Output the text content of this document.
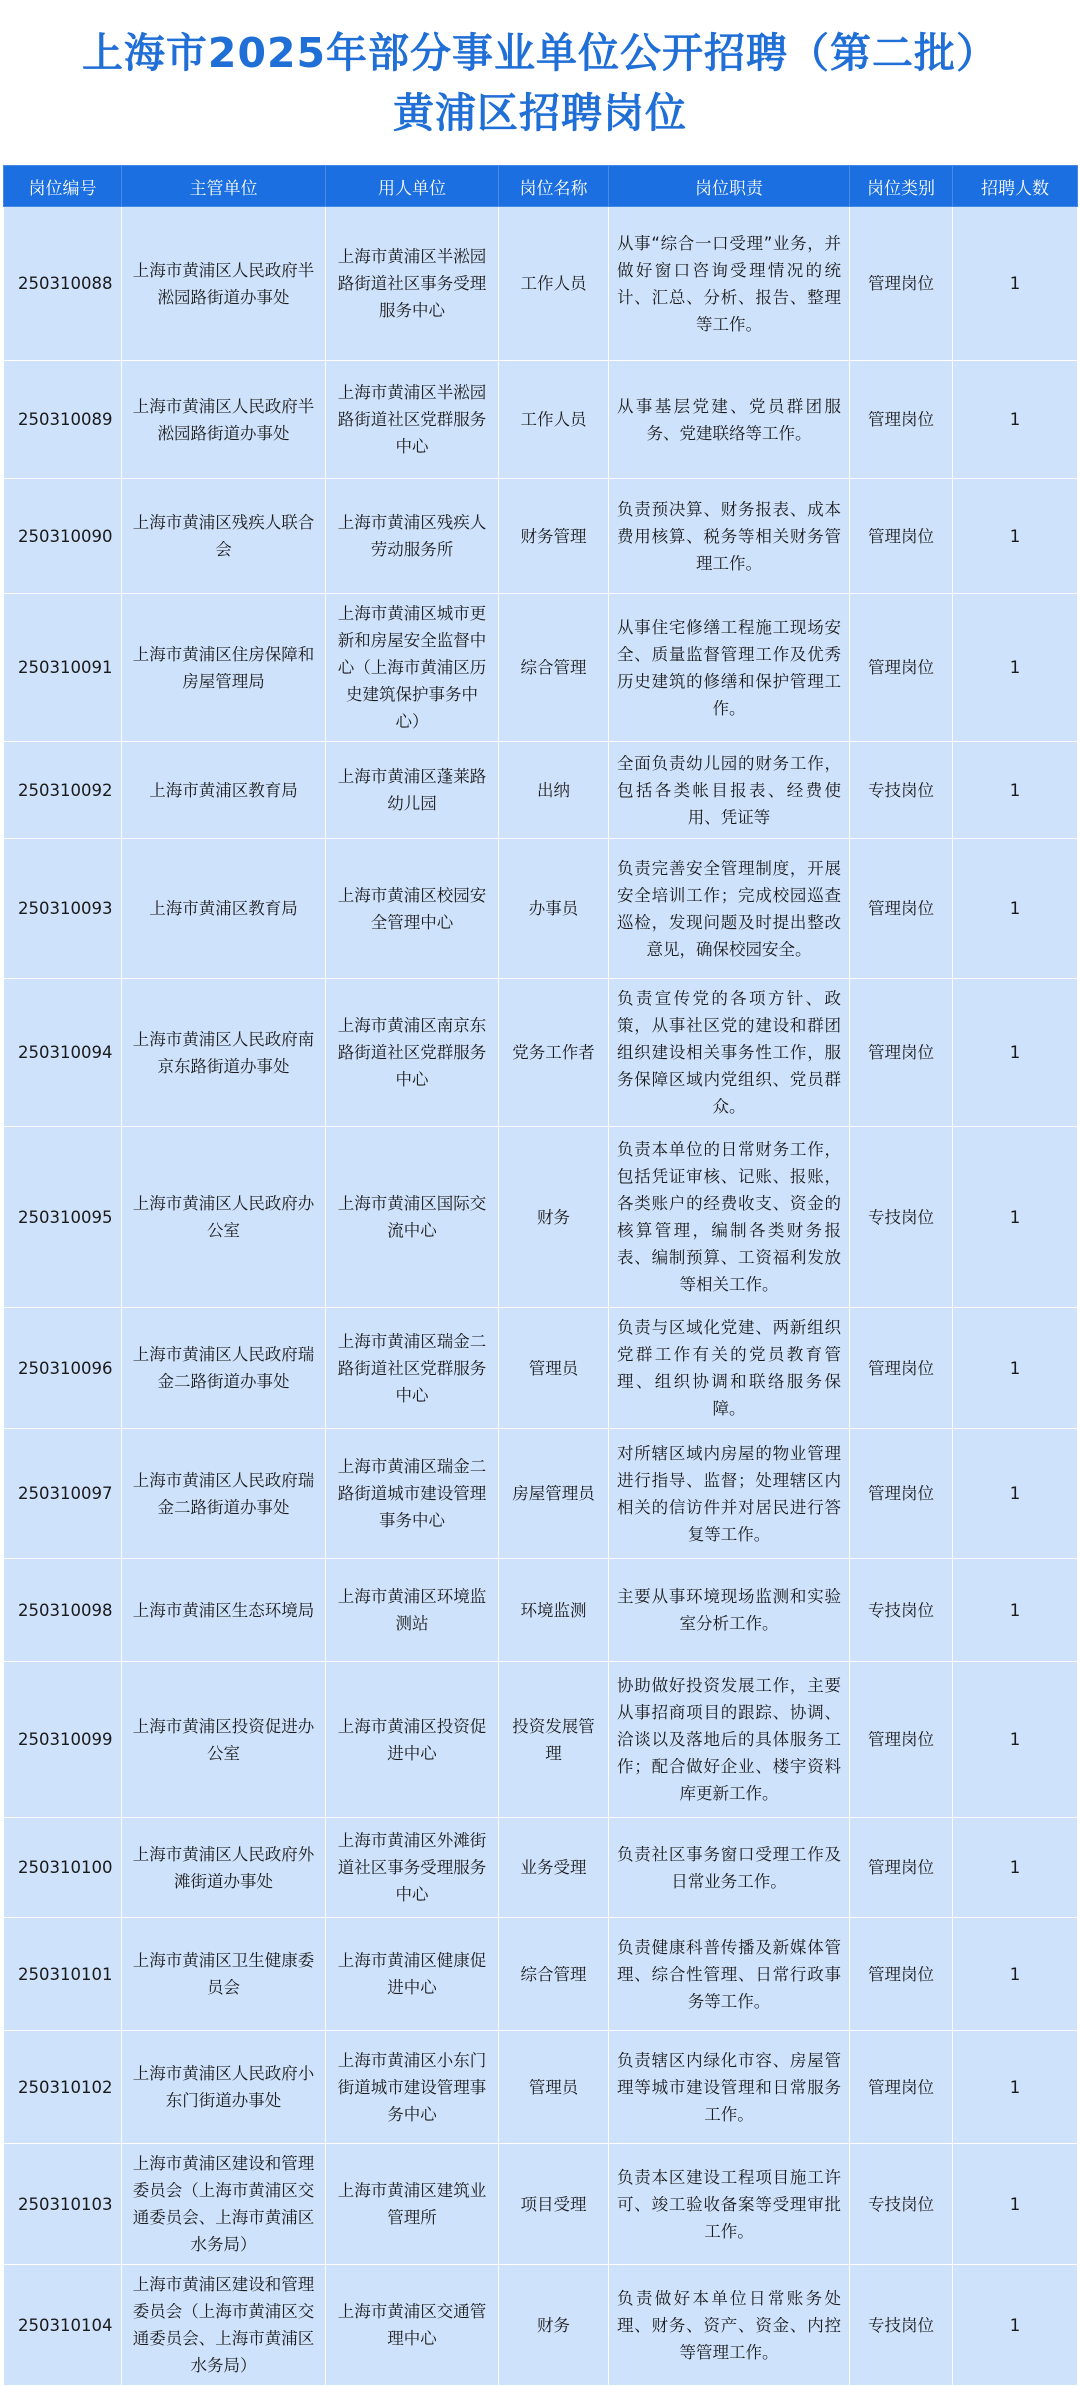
上海市2025年部分事业单位公开招聘（第二批）
黄浦区招聘岗位
岗位编号	主管单位	用人单位	岗位名称	岗位职责	岗位类别	招聘人数
250310088	上海市黄浦区人民政府半淞园路街道办事处	上海市黄浦区半淞园路街道社区事务受理服务中心	工作人员	从事“综合一口受理”业务，并做好窗口咨询受理情况的统计、汇总、分析、报告、整理等工作。	管理岗位	1
250310089	上海市黄浦区人民政府半淞园路街道办事处	上海市黄浦区半淞园路街道社区党群服务中心	工作人员	从事基层党建、党员群团服务、党建联络等工作。	管理岗位	1
250310090	上海市黄浦区残疾人联合会	上海市黄浦区残疾人劳动服务所	财务管理	负责预决算、财务报表、成本费用核算、税务等相关财务管理工作。	管理岗位	1
250310091	上海市黄浦区住房保障和房屋管理局	上海市黄浦区城市更新和房屋安全监督中心（上海市黄浦区历史建筑保护事务中心）	综合管理	从事住宅修缮工程施工现场安全、质量监督管理工作及优秀历史建筑的修缮和保护管理工作。	管理岗位	1
250310092	上海市黄浦区教育局	上海市黄浦区蓬莱路幼儿园	出纳	全面负责幼儿园的财务工作，包括各类帐目报表、经费使用、凭证等	专技岗位	1
250310093	上海市黄浦区教育局	上海市黄浦区校园安全管理中心	办事员	负责完善安全管理制度，开展安全培训工作；完成校园巡查巡检，发现问题及时提出整改意见，确保校园安全。	管理岗位	1
250310094	上海市黄浦区人民政府南京东路街道办事处	上海市黄浦区南京东路街道社区党群服务中心	党务工作者	负责宣传党的各项方针、政策，从事社区党的建设和群团组织建设相关事务性工作，服务保障区域内党组织、党员群众。	管理岗位	1
250310095	上海市黄浦区人民政府办公室	上海市黄浦区国际交流中心	财务	负责本单位的日常财务工作，包括凭证审核、记账、报账，各类账户的经费收支、资金的核算管理，编制各类财务报表、编制预算、工资福利发放等相关工作。	专技岗位	1
250310096	上海市黄浦区人民政府瑞金二路街道办事处	上海市黄浦区瑞金二路街道社区党群服务中心	管理员	负责与区域化党建、两新组织党群工作有关的党员教育管理、组织协调和联络服务保障。	管理岗位	1
250310097	上海市黄浦区人民政府瑞金二路街道办事处	上海市黄浦区瑞金二路街道城市建设管理事务中心	房屋管理员	对所辖区域内房屋的物业管理进行指导、监督；处理辖区内相关的信访件并对居民进行答复等工作。	管理岗位	1
250310098	上海市黄浦区生态环境局	上海市黄浦区环境监测站	环境监测	主要从事环境现场监测和实验室分析工作。	专技岗位	1
250310099	上海市黄浦区投资促进办公室	上海市黄浦区投资促进中心	投资发展管理	协助做好投资发展工作，主要从事招商项目的跟踪、协调、洽谈以及落地后的具体服务工作；配合做好企业、楼宇资料库更新工作。	管理岗位	1
250310100	上海市黄浦区人民政府外滩街道办事处	上海市黄浦区外滩街道社区事务受理服务中心	业务受理	负责社区事务窗口受理工作及日常业务工作。	管理岗位	1
250310101	上海市黄浦区卫生健康委员会	上海市黄浦区健康促进中心	综合管理	负责健康科普传播及新媒体管理、综合性管理、日常行政事务等工作。	管理岗位	1
250310102	上海市黄浦区人民政府小东门街道办事处	上海市黄浦区小东门街道城市建设管理事务中心	管理员	负责辖区内绿化市容、房屋管理等城市建设管理和日常服务工作。	管理岗位	1
250310103	上海市黄浦区建设和管理委员会（上海市黄浦区交通委员会、上海市黄浦区水务局）	上海市黄浦区建筑业管理所	项目受理	负责本区建设工程项目施工许可、竣工验收备案等受理审批工作。	专技岗位	1
250310104	上海市黄浦区建设和管理委员会（上海市黄浦区交通委员会、上海市黄浦区水务局）	上海市黄浦区交通管理中心	财务	负责做好本单位日常账务处理、财务、资产、资金、内控等管理工作。	专技岗位	1
